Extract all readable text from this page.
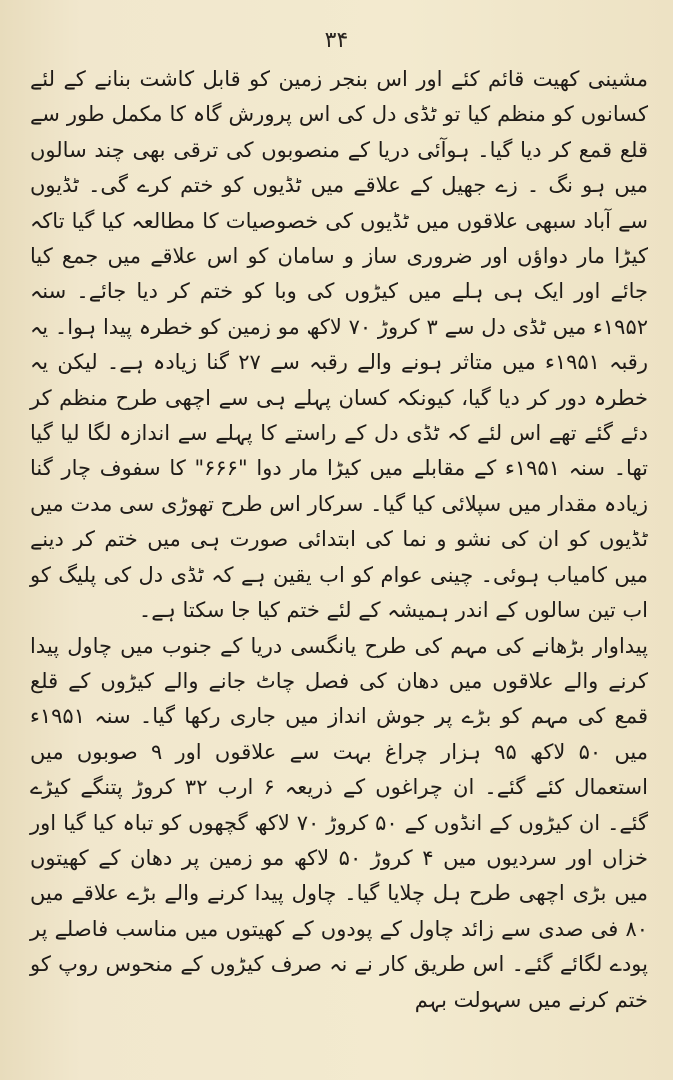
۳۴

مشینی کھیت قائم کئے اور اس بنجر زمین کو قابل کاشت بنانے کے لئے کسانوں کو منظم کیا تو ٹڈی دل کی اس پرورش گاہ کا مکمل طور سے قلع قمع کر دیا گیا۔ ہوآئی دریا کے منصوبوں کی ترقی بھی چند سالوں میں ہو نگ ۔ زے جھیل کے علاقے میں ٹڈیوں کو ختم کرے گی۔ ٹڈیوں سے آباد سبھی علاقوں میں ٹڈیوں کی خصوصیات کا مطالعہ کیا گیا تاکہ کیڑا مار دواؤں اور ضروری ساز و سامان کو اس علاقے میں جمع کیا جائے اور ایک ہی ہلے میں کیڑوں کی وبا کو ختم کر دیا جائے۔ سنہ ۱۹۵۲ء میں ٹڈی دل سے ۳ کروڑ ۷۰ لاکھ مو زمین کو خطرہ پیدا ہوا۔ یہ رقبہ ۱۹۵۱ء میں متاثر ہونے والے رقبہ سے ۲۷ گنا زیادہ ہے۔ لیکن یہ خطرہ دور کر دیا گیا، کیونکہ کسان پہلے ہی سے اچھی طرح منظم کر دئے گئے تھے اس لئے کہ ٹڈی دل کے راستے کا پہلے سے اندازہ لگا لیا گیا تھا۔ سنہ ۱۹۵۱ء کے مقابلے میں کیڑا مار دوا "۶۶۶" کا سفوف چار گنا زیادہ مقدار میں سپلائی کیا گیا۔ سرکار اس طرح تھوڑی سی مدت میں ٹڈیوں کو ان کی نشو و نما کی ابتدائی صورت ہی میں ختم کر دینے میں کامیاب ہوئی۔ چینی عوام کو اب یقین ہے کہ ٹڈی دل کی پلیگ کو اب تین سالوں کے اندر ہمیشہ کے لئے ختم کیا جا سکتا ہے۔

پیداوار بڑھانے کی مہم کی طرح یانگسی دریا کے جنوب میں چاول پیدا کرنے والے علاقوں میں دھان کی فصل چاٹ جانے والے کیڑوں کے قلع قمع کی مہم کو بڑے پر جوش انداز میں جاری رکھا گیا۔ سنہ ۱۹۵۱ء میں ۵۰ لاکھ ۹۵ ہزار چراغ بہت سے علاقوں اور ۹ صوبوں میں استعمال کئے گئے۔ ان چراغوں کے ذریعہ ۶ ارب ۳۲ کروڑ پتنگے کیڑے گئے۔ ان کیڑوں کے انڈوں کے ۵۰ کروڑ ۷۰ لاکھ گچھوں کو تباہ کیا گیا اور خزاں اور سردیوں میں ۴ کروڑ ۵۰ لاکھ مو زمین پر دھان کے کھیتوں میں بڑی اچھی طرح ہل چلایا گیا۔ چاول پیدا کرنے والے بڑے علاقے میں ۸۰ فی صدی سے زائد چاول کے پودوں کے کھیتوں میں مناسب فاصلے پر پودے لگائے گئے۔ اس طریق کار نے نہ صرف کیڑوں کے منحوس روپ کو ختم کرنے میں سہولت بہم
